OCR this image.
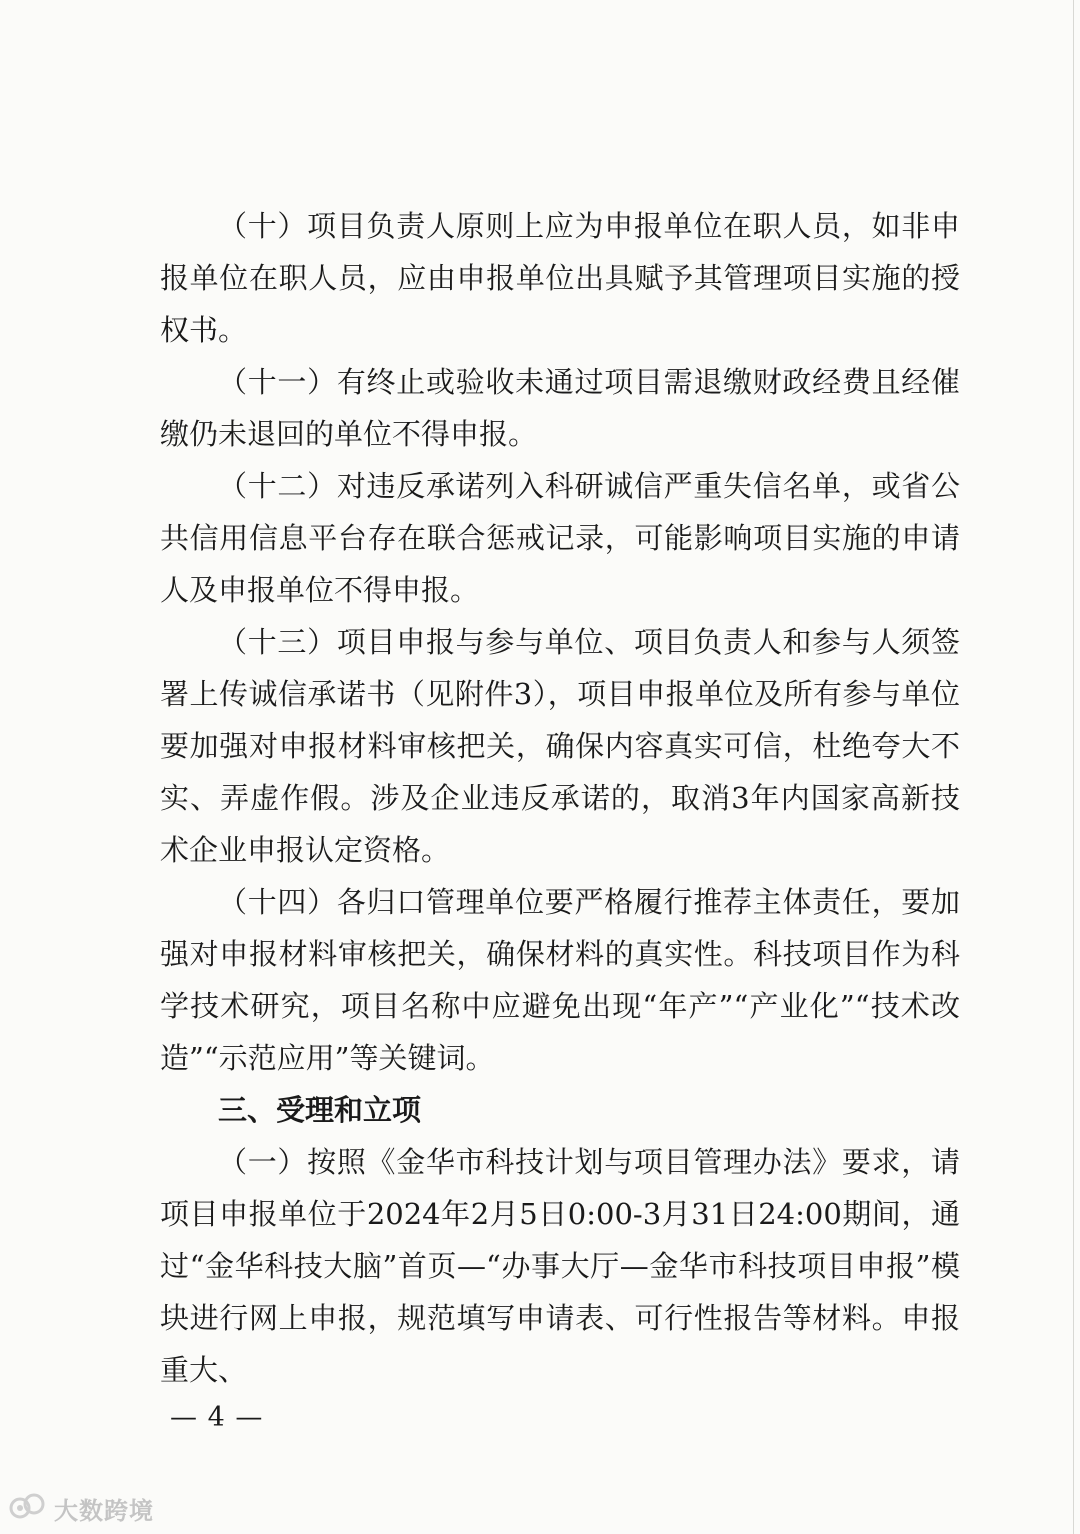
（十）项目负责人原则上应为申报单位在职人员，如非申报单位在职人员，应由申报单位出具赋予其管理项目实施的授权书。

（十一）有终止或验收未通过项目需退缴财政经费且经催缴仍未退回的单位不得申报。

（十二）对违反承诺列入科研诚信严重失信名单，或省公共信用信息平台存在联合惩戒记录，可能影响项目实施的申请人及申报单位不得申报。

（十三）项目申报与参与单位、项目负责人和参与人须签署上传诚信承诺书（见附件3），项目申报单位及所有参与单位要加强对申报材料审核把关，确保内容真实可信，杜绝夸大不实、弄虚作假。涉及企业违反承诺的，取消3年内国家高新技术企业申报认定资格。

（十四）各归口管理单位要严格履行推荐主体责任，要加强对申报材料审核把关，确保材料的真实性。科技项目作为科学技术研究，项目名称中应避免出现“年产”“产业化”“技术改造”“示范应用”等关键词。

三、受理和立项

（一）按照《金华市科技计划与项目管理办法》要求，请项目申报单位于2024年2月5日0:00-3月31日24:00期间，通过“金华科技大脑”首页—“办事大厅—金华市科技项目申报”模块进行网上申报，规范填写申请表、可行性报告等材料。申报重大、

— 4 —
大数跨境
